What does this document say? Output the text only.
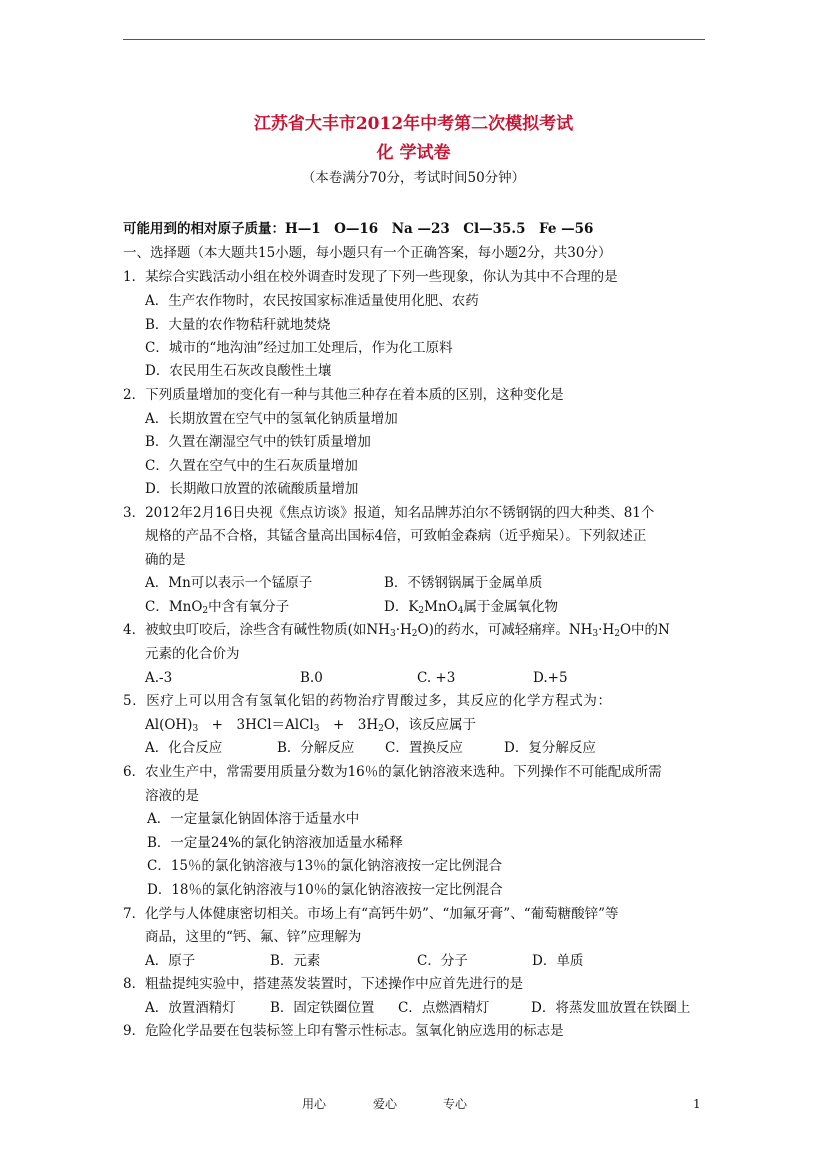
江苏省大丰市2012年中考第二次模拟考试
化 学试卷
（本卷满分70分，考试时间50分钟）
可能用到的相对原子质量：H—1　O—16　Na —23　Cl—35.5　Fe —56
一、选择题（本大题共15小题，每小题只有一个正确答案，每小题2分，共30分）
1．某综合实践活动小组在校外调查时发现了下列一些现象，你认为其中不合理的是
A．生产农作物时，农民按国家标准适量使用化肥、农药
B．大量的农作物秸秆就地焚烧
C．城市的“地沟油”经过加工处理后，作为化工原料
D．农民用生石灰改良酸性土壤
2．下列质量增加的变化有一种与其他三种存在着本质的区别，这种变化是
A．长期放置在空气中的氢氧化钠质量增加
B．久置在潮湿空气中的铁钉质量增加
C．久置在空气中的生石灰质量增加
D．长期敞口放置的浓硫酸质量增加
3．2012年2月16日央视《焦点访谈》报道，知名品牌苏泊尔不锈钢锅的四大种类、81个
规格的产品不合格，其锰含量高出国标4倍，可致帕金森病（近乎痴呆）。下列叙述正
确的是
A．Mn可以表示一个锰原子	B．不锈钢锅属于金属单质
C．MnO$_2$中含有氧分子	D．$K_2MnO_4$属于金属氧化物
4．被蚊虫叮咬后，涂些含有碱性物质(如$NH_3\cdot H_2O$)的药水，可减轻痛痒。$NH_3\cdot H_2O$中的N
元素的化合价为
A.-3	B.0	C. +3	D.+5
5．医疗上可以用含有氢氧化铝的药物治疗胃酸过多，其反应的化学方程式为：
$Al(OH)_3$　+　3HCl＝AlCl$_3$　+　$3H_2O$，该反应属于
A．化合反应	B．分解反应 C．置换反应	D．复分解反应
6．农业生产中，常需要用质量分数为16％的氯化钠溶液来选种。下列操作不可能配成所需
溶液的是
A．一定量氯化钠固体溶于适量水中
B．一定量24%的氯化钠溶液加适量水稀释
C．15％的氯化钠溶液与13％的氯化钠溶液按一定比例混合
D．18％的氯化钠溶液与10％的氯化钠溶液按一定比例混合
7．化学与人体健康密切相关。市场上有“高钙牛奶”、“加氟牙膏”、“葡萄糖酸锌”等
商品，这里的“钙、氟、锌”应理解为
A．原子	B．元素	C．分子	D．单质
8．粗盐提纯实验中，搭建蒸发装置时，下述操作中应首先进行的是
A．放置酒精灯	B．固定铁圈位置 C．点燃酒精灯	D．将蒸发皿放置在铁圈上
9．危险化学品要在包装标签上印有警示性标志。氢氧化钠应选用的标志是
用心	爱心	专心	1
